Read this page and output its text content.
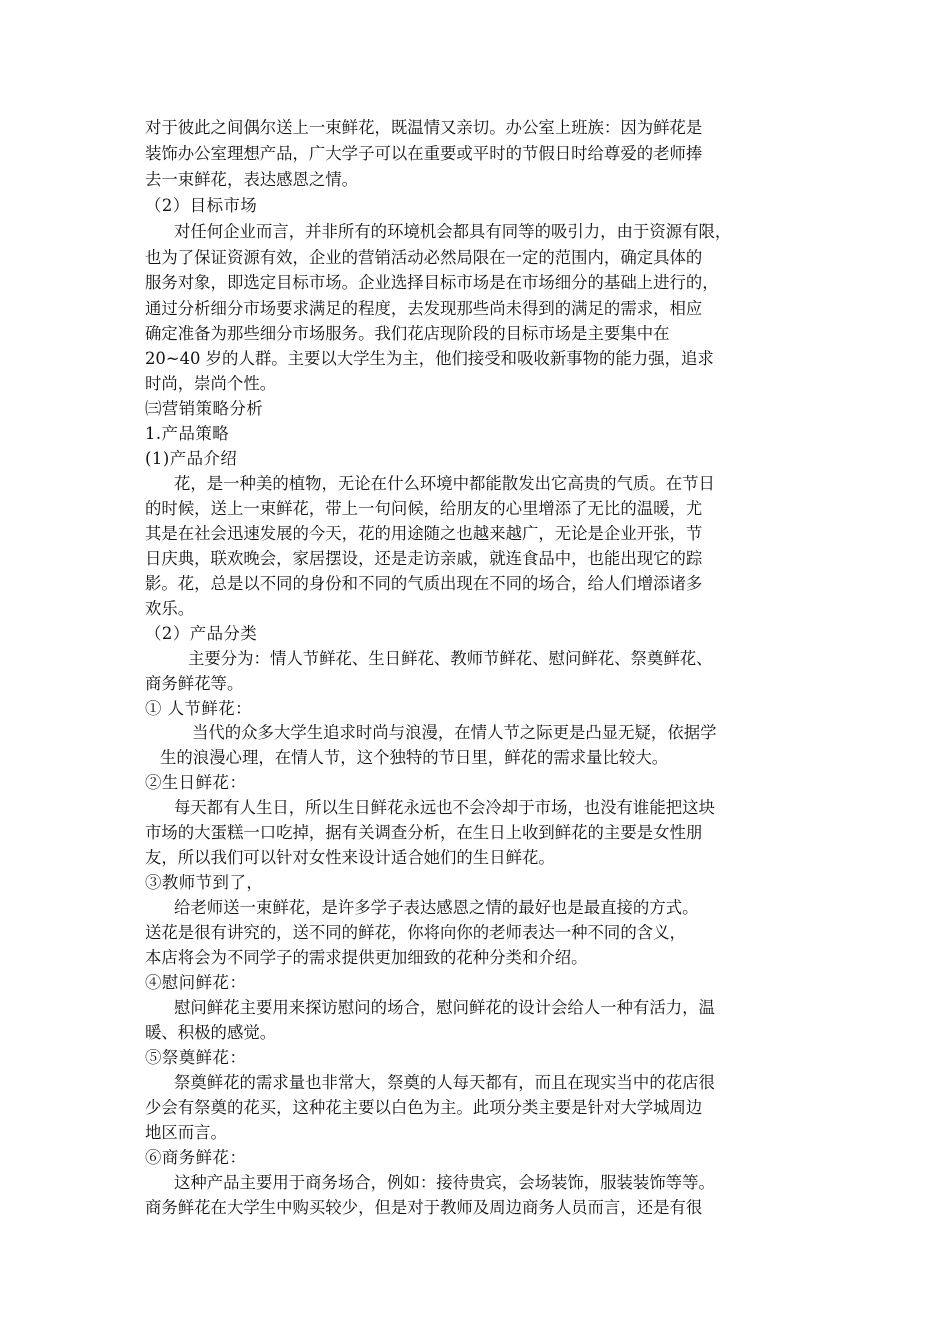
对于彼此之间偶尔送上一束鲜花，既温情又亲切。办公室上班族：因为鲜花是
装饰办公室理想产品，广大学子可以在重要或平时的节假日时给尊爱的老师捧
去一束鲜花，表达感恩之情。
（2）目标市场
对任何企业而言，并非所有的环境机会都具有同等的吸引力，由于资源有限，
也为了保证资源有效，企业的营销活动必然局限在一定的范围内，确定具体的
服务对象，即选定目标市场。企业选择目标市场是在市场细分的基础上进行的，
通过分析细分市场要求满足的程度，去发现那些尚未得到的满足的需求，相应
确定准备为那些细分市场服务。我们花店现阶段的目标市场是主要集中在
20~40 岁的人群。主要以大学生为主，他们接受和吸收新事物的能力强，追求
时尚，崇尚个性。
㈢营销策略分析
1.产品策略
(1)产品介绍
花，是一种美的植物，无论在什么环境中都能散发出它高贵的气质。在节日
的时候，送上一束鲜花，带上一句问候，给朋友的心里增添了无比的温暖，尤
其是在社会迅速发展的今天，花的用途随之也越来越广，无论是企业开张，节
日庆典，联欢晚会，家居摆设，还是走访亲戚，就连食品中，也能出现它的踪
影。花，总是以不同的身份和不同的气质出现在不同的场合，给人们增添诸多
欢乐。
（2）产品分类
主要分为：情人节鲜花、生日鲜花、教师节鲜花、慰问鲜花、祭奠鲜花、
商务鲜花等。
① 人节鲜花：
当代的众多大学生追求时尚与浪漫，在情人节之际更是凸显无疑，依据学
生的浪漫心理，在情人节，这个独特的节日里，鲜花的需求量比较大。
②生日鲜花：
每天都有人生日，所以生日鲜花永远也不会冷却于市场，也没有谁能把这块
市场的大蛋糕一口吃掉，据有关调查分析，在生日上收到鲜花的主要是女性朋
友，所以我们可以针对女性来设计适合她们的生日鲜花。
③教师节到了，
给老师送一束鲜花，是许多学子表达感恩之情的最好也是最直接的方式。
送花是很有讲究的，送不同的鲜花，你将向你的老师表达一种不同的含义，
本店将会为不同学子的需求提供更加细致的花种分类和介绍。
④慰问鲜花：
慰问鲜花主要用来探访慰问的场合，慰问鲜花的设计会给人一种有活力，温
暖、积极的感觉。
⑤祭奠鲜花：
祭奠鲜花的需求量也非常大，祭奠的人每天都有，而且在现实当中的花店很
少会有祭奠的花买，这种花主要以白色为主。此项分类主要是针对大学城周边
地区而言。
⑥商务鲜花：
这种产品主要用于商务场合，例如：接待贵宾，会场装饰，服装装饰等等。
商务鲜花在大学生中购买较少，但是对于教师及周边商务人员而言，还是有很
